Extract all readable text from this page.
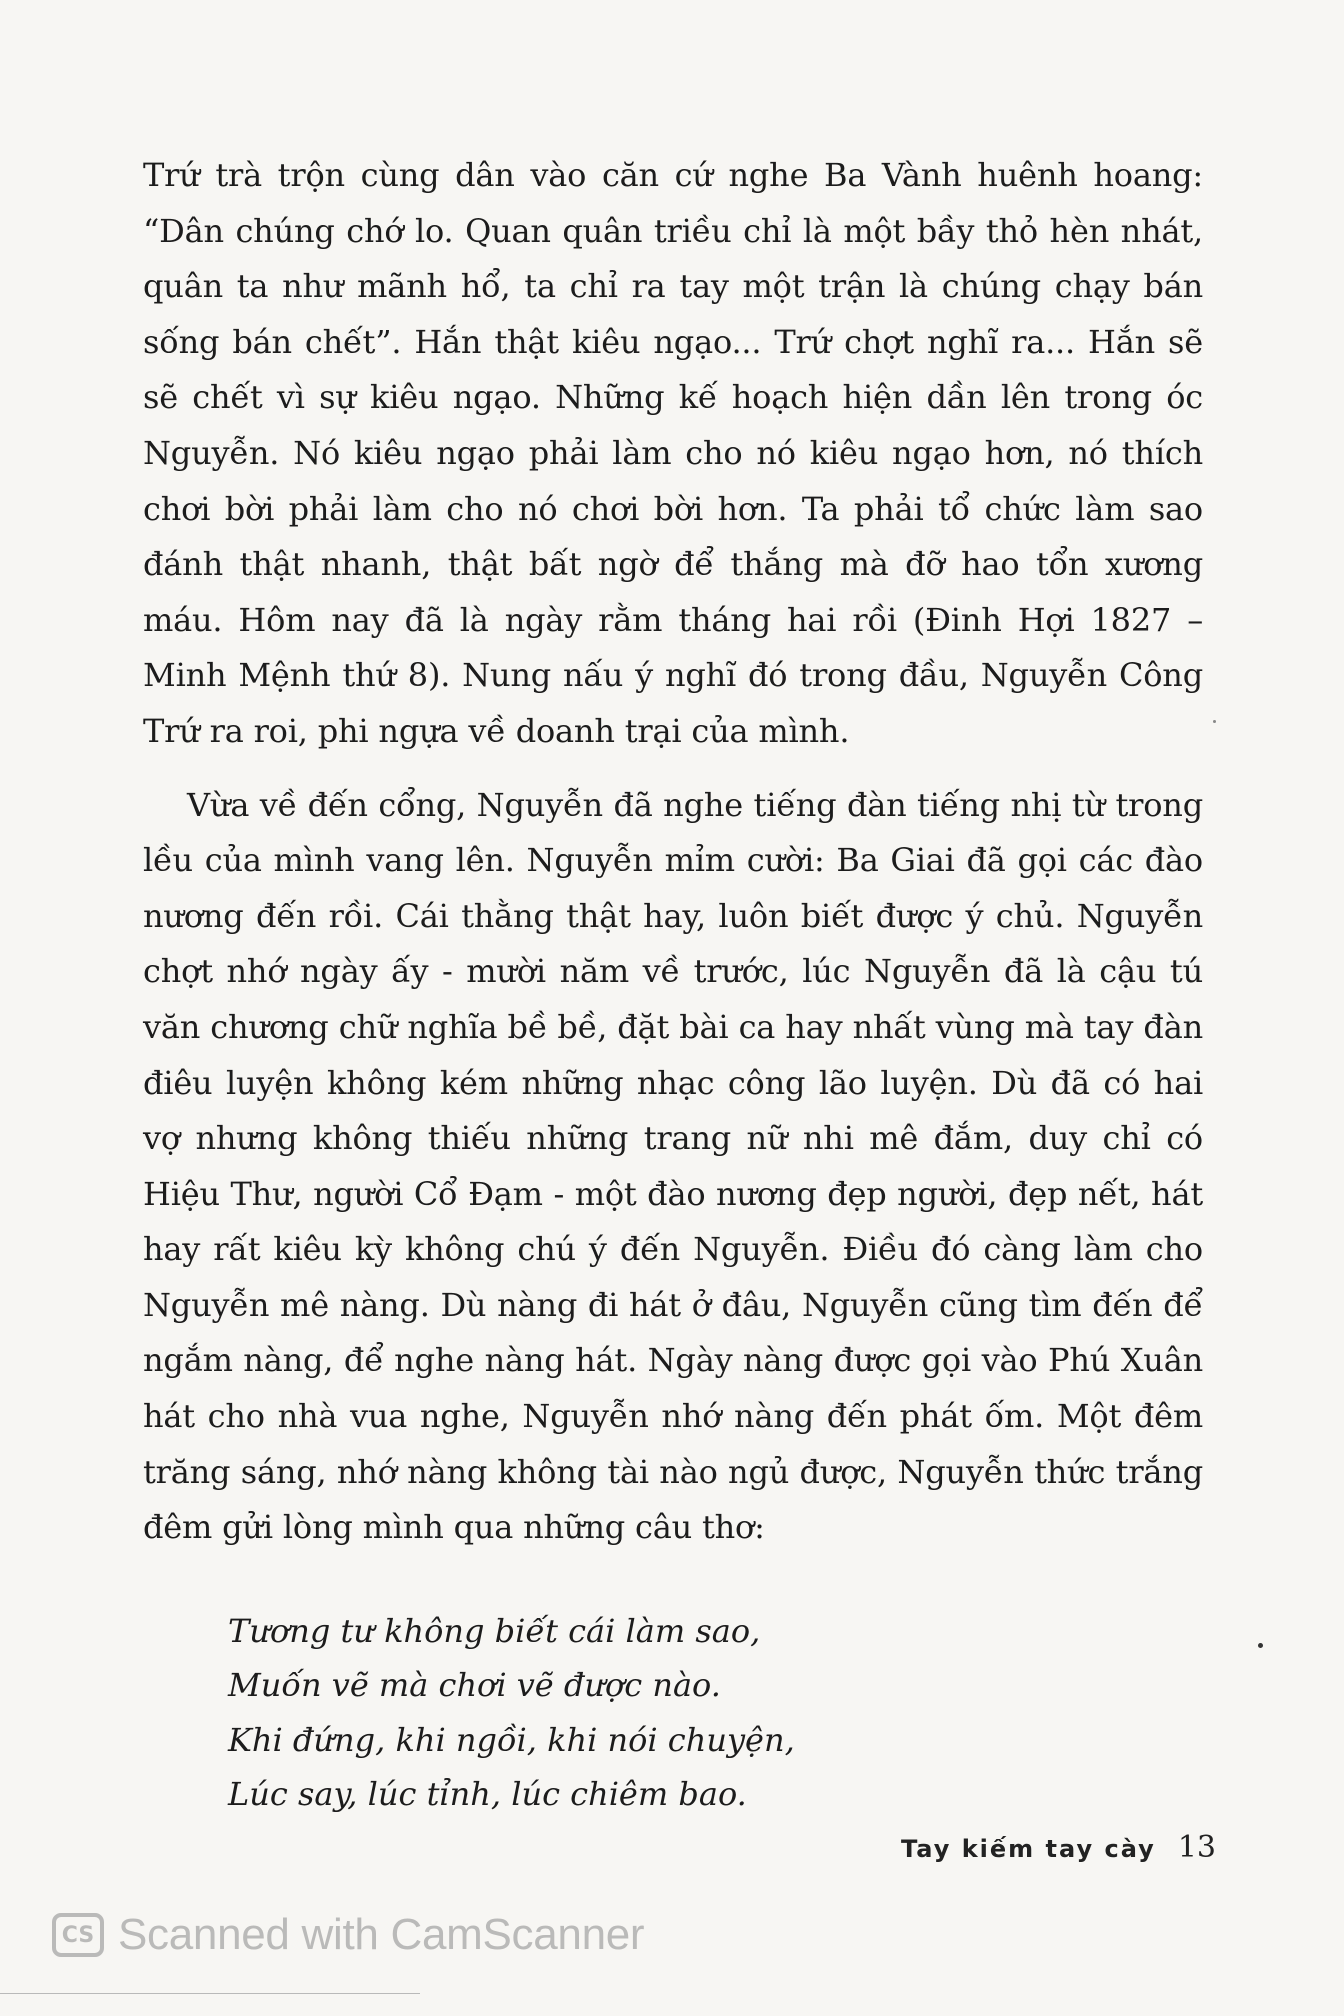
Trứ trà trộn cùng dân vào căn cứ nghe Ba Vành huênh hoang: “Dân chúng chớ lo. Quan quân triều chỉ là một bầy thỏ hèn nhát, quân ta như mãnh hổ, ta chỉ ra tay một trận là chúng chạy bán sống bán chết”. Hắn thật kiêu ngạo... Trứ chợt nghĩ ra... Hắn sẽ sẽ chết vì sự kiêu ngạo. Những kế hoạch hiện dần lên trong óc Nguyễn. Nó kiêu ngạo phải làm cho nó kiêu ngạo hơn, nó thích chơi bời phải làm cho nó chơi bời hơn. Ta phải tổ chức làm sao đánh thật nhanh, thật bất ngờ để thắng mà đỡ hao tổn xương máu. Hôm nay đã là ngày rằm tháng hai rồi (Đinh Hợi 1827 – Minh Mệnh thứ 8). Nung nấu ý nghĩ đó trong đầu, Nguyễn Công Trứ ra roi, phi ngựa về doanh trại của mình.

Vừa về đến cổng, Nguyễn đã nghe tiếng đàn tiếng nhị từ trong lều của mình vang lên. Nguyễn mỉm cười: Ba Giai đã gọi các đào nương đến rồi. Cái thằng thật hay, luôn biết được ý chủ. Nguyễn chợt nhớ ngày ấy - mười năm về trước, lúc Nguyễn đã là cậu tú văn chương chữ nghĩa bề bề, đặt bài ca hay nhất vùng mà tay đàn điêu luyện không kém những nhạc công lão luyện. Dù đã có hai vợ nhưng không thiếu những trang nữ nhi mê đắm, duy chỉ có Hiệu Thư, người Cổ Đạm - một đào nương đẹp người, đẹp nết, hát hay rất kiêu kỳ không chú ý đến Nguyễn. Điều đó càng làm cho Nguyễn mê nàng. Dù nàng đi hát ở đâu, Nguyễn cũng tìm đến để ngắm nàng, để nghe nàng hát. Ngày nàng được gọi vào Phú Xuân hát cho nhà vua nghe, Nguyễn nhớ nàng đến phát ốm. Một đêm trăng sáng, nhớ nàng không tài nào ngủ được, Nguyễn thức trắng đêm gửi lòng mình qua những câu thơ:

Tương tư không biết cái làm sao,
Muốn vẽ mà chơi vẽ được nào.
Khi đứng, khi ngồi, khi nói chuyện,
Lúc say, lúc tỉnh, lúc chiêm bao.
Tay kiếm tay cày 13
CS Scanned with CamScanner
